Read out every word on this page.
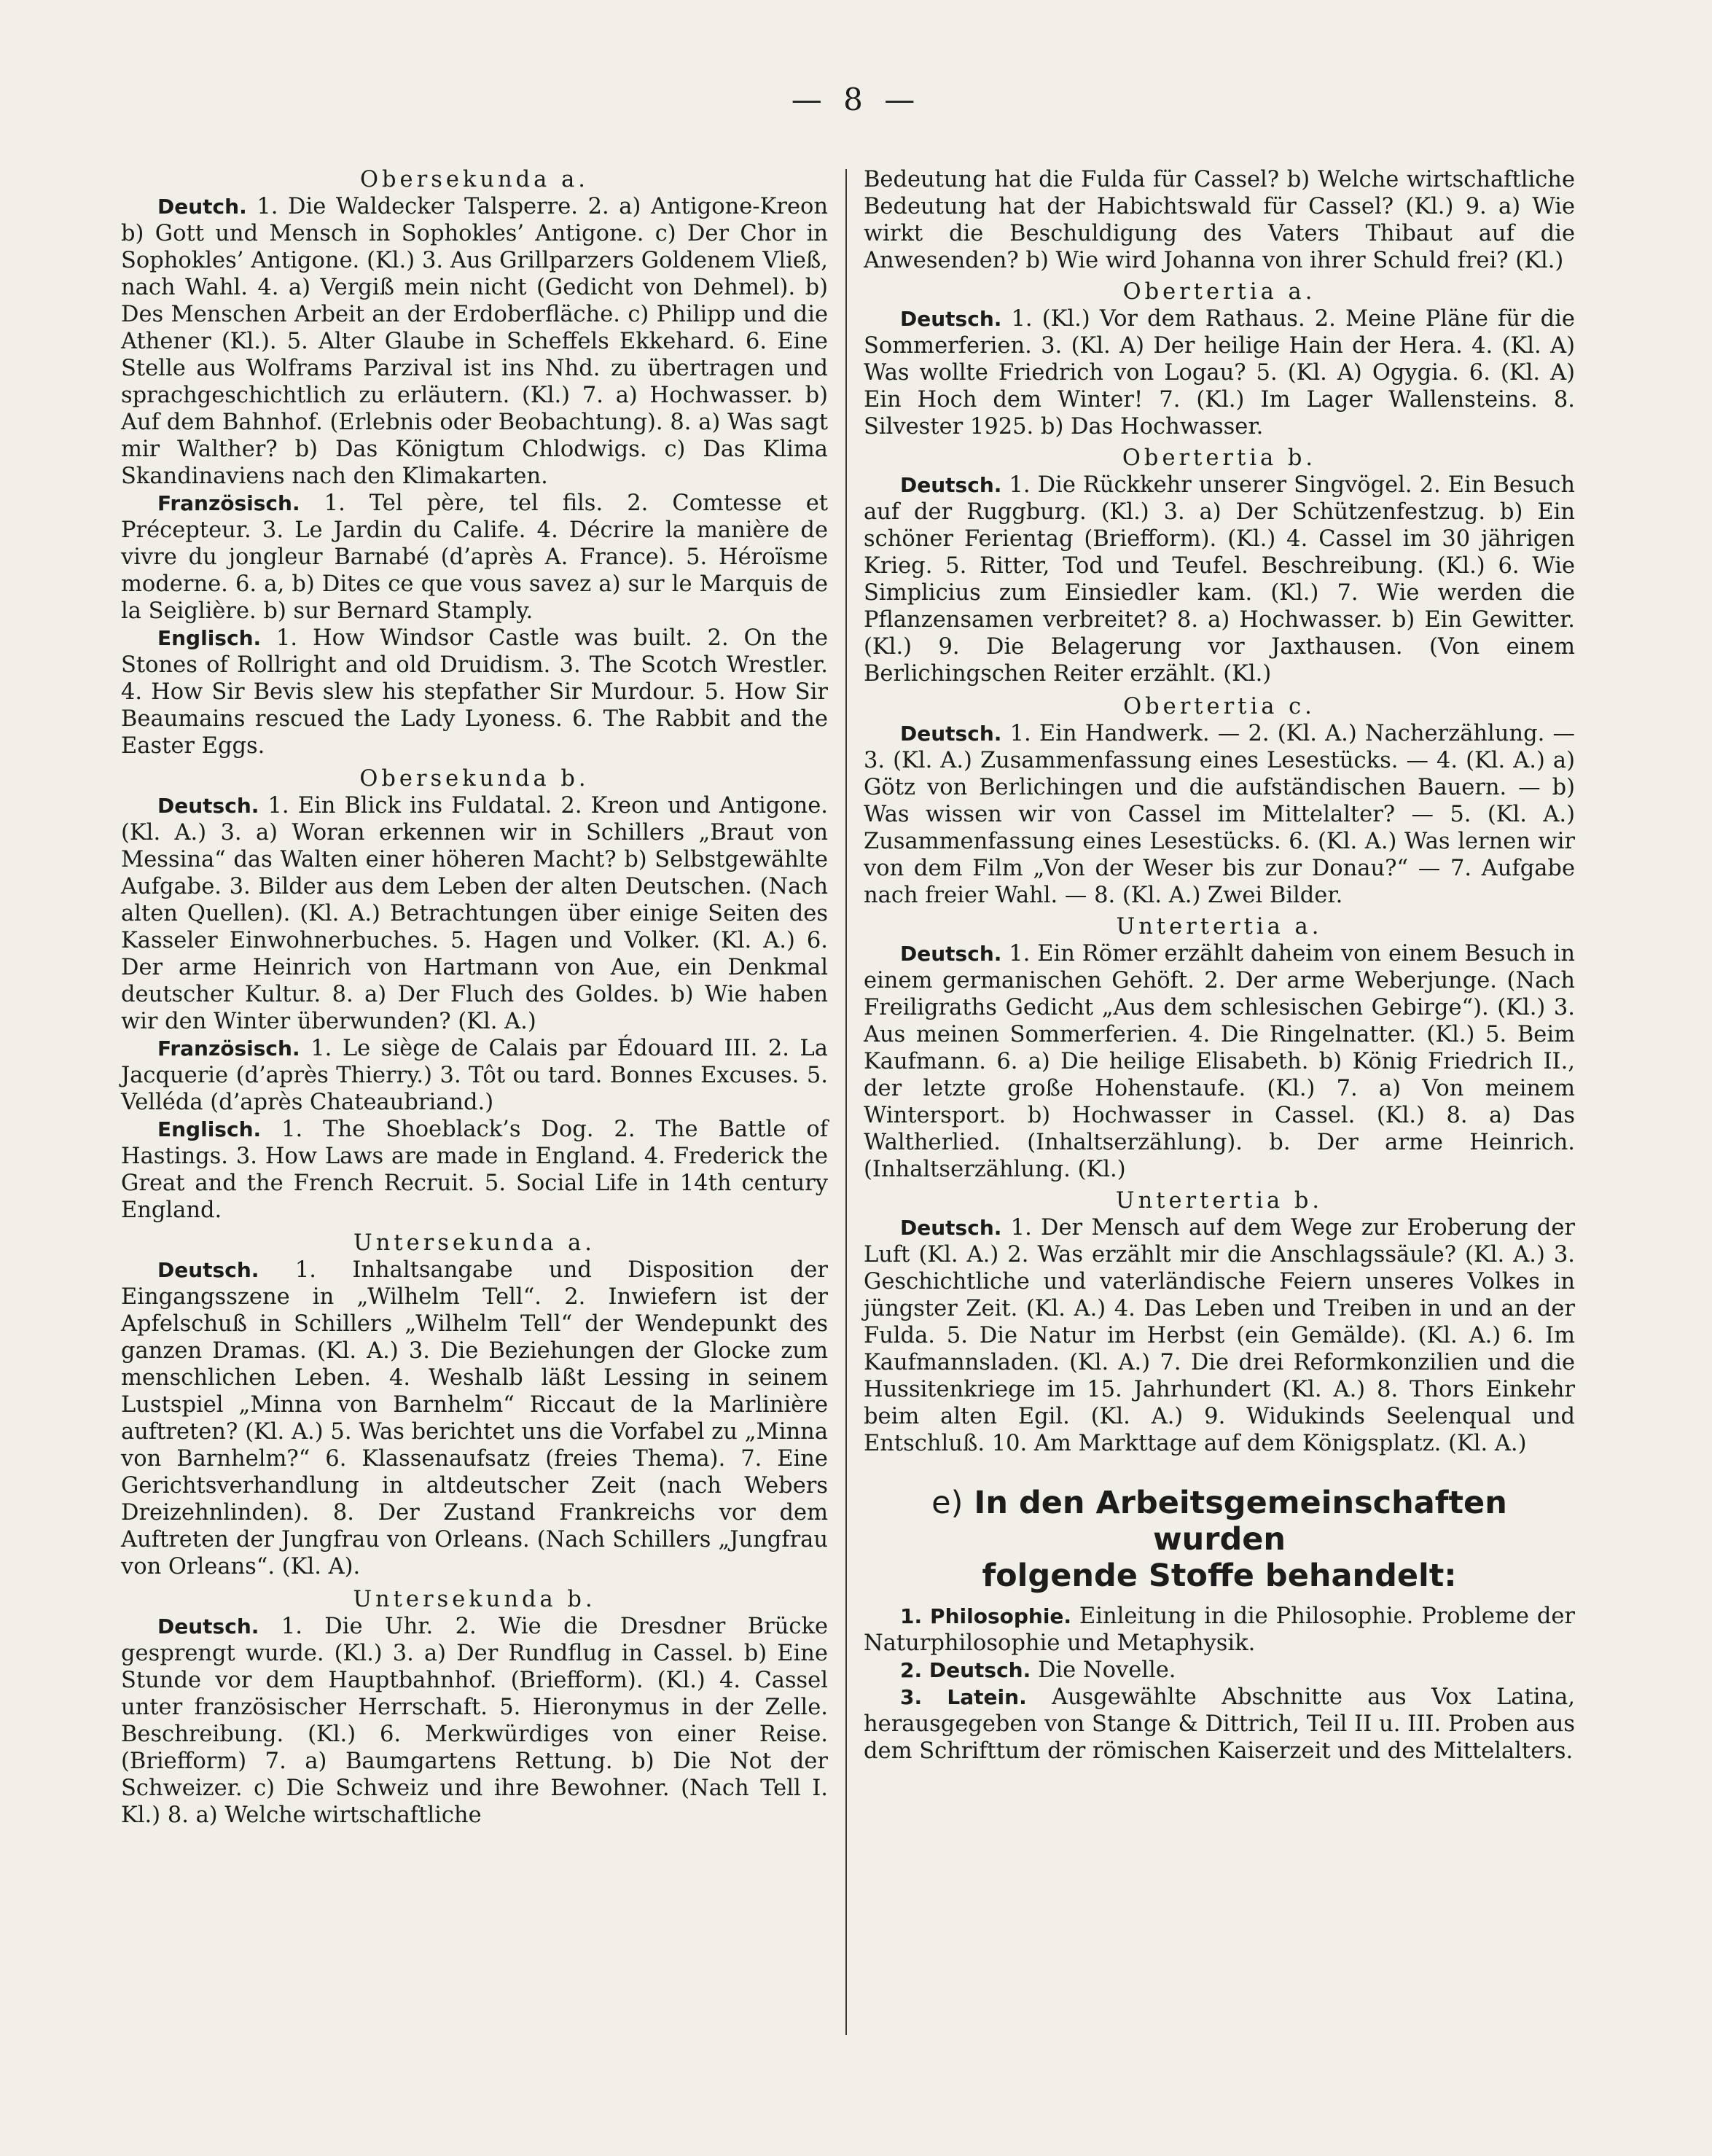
— 8 —

Obersekunda a.

Deutch. 1. Die Waldecker Talsperre. 2. a) Antigone-Kreon b) Gott und Mensch in Sophokles’ Antigone. c) Der Chor in Sophokles’ Antigone. (Kl.) 3. Aus Grillparzers Goldenem Vließ, nach Wahl. 4. a) Vergiß mein nicht (Gedicht von Dehmel). b) Des Menschen Arbeit an der Erdoberfläche. c) Philipp und die Athener (Kl.). 5. Alter Glaube in Scheffels Ekkehard. 6. Eine Stelle aus Wolframs Parzival ist ins Nhd. zu übertragen und sprachgeschichtlich zu erläutern. (Kl.) 7. a) Hochwasser. b) Auf dem Bahnhof. (Erlebnis oder Beobachtung). 8. a) Was sagt mir Walther? b) Das Königtum Chlodwigs. c) Das Klima Skandinaviens nach den Klimakarten.

Französisch. 1. Tel père, tel fils. 2. Comtesse et Précepteur. 3. Le Jardin du Calife. 4. Décrire la manière de vivre du jongleur Barnabé (d’après A. France). 5. Héroïsme moderne. 6. a, b) Dites ce que vous savez a) sur le Marquis de la Seiglière. b) sur Bernard Stamply.

Englisch. 1. How Windsor Castle was built. 2. On the Stones of Rollright and old Druidism. 3. The Scotch Wrestler. 4. How Sir Bevis slew his stepfather Sir Murdour. 5. How Sir Beaumains rescued the Lady Lyoness. 6. The Rabbit and the Easter Eggs.

Obersekunda b.

Deutsch. 1. Ein Blick ins Fuldatal. 2. Kreon und Antigone. (Kl. A.) 3. a) Woran erkennen wir in Schillers „Braut von Messina“ das Walten einer höheren Macht? b) Selbstgewählte Aufgabe. 3. Bilder aus dem Leben der alten Deutschen. (Nach alten Quellen). (Kl. A.) Betrachtungen über einige Seiten des Kasseler Einwohnerbuches. 5. Hagen und Volker. (Kl. A.) 6. Der arme Heinrich von Hartmann von Aue, ein Denkmal deutscher Kultur. 8. a) Der Fluch des Goldes. b) Wie haben wir den Winter überwunden? (Kl. A.)

Französisch. 1. Le siège de Calais par Édouard III. 2. La Jacquerie (d’après Thierry.) 3. Tôt ou tard. Bonnes Excuses. 5. Velléda (d’après Chateaubriand.)

Englisch. 1. The Shoeblack’s Dog. 2. The Battle of Hastings. 3. How Laws are made in England. 4. Frederick the Great and the French Recruit. 5. Social Life in 14th century England.

Untersekunda a.

Deutsch. 1. Inhaltsangabe und Disposition der Eingangsszene in „Wilhelm Tell“. 2. Inwiefern ist der Apfelschuß in Schillers „Wilhelm Tell“ der Wendepunkt des ganzen Dramas. (Kl. A.) 3. Die Beziehungen der Glocke zum menschlichen Leben. 4. Weshalb läßt Lessing in seinem Lustspiel „Minna von Barnhelm“ Riccaut de la Marlinière auftreten? (Kl. A.) 5. Was berichtet uns die Vorfabel zu „Minna von Barnhelm?“ 6. Klassenaufsatz (freies Thema). 7. Eine Gerichtsverhandlung in altdeutscher Zeit (nach Webers Dreizehnlinden). 8. Der Zustand Frankreichs vor dem Auftreten der Jungfrau von Orleans. (Nach Schillers „Jungfrau von Orleans“. (Kl. A).

Untersekunda b.

Deutsch. 1. Die Uhr. 2. Wie die Dresdner Brücke gesprengt wurde. (Kl.) 3. a) Der Rundflug in Cassel. b) Eine Stunde vor dem Hauptbahnhof. (Briefform). (Kl.) 4. Cassel unter französischer Herrschaft. 5. Hieronymus in der Zelle. Beschreibung. (Kl.) 6. Merkwürdiges von einer Reise. (Briefform) 7. a) Baumgartens Rettung. b) Die Not der Schweizer. c) Die Schweiz und ihre Bewohner. (Nach Tell I. Kl.) 8. a) Welche wirtschaftliche

Bedeutung hat die Fulda für Cassel? b) Welche wirtschaftliche Bedeutung hat der Habichtswald für Cassel? (Kl.) 9. a) Wie wirkt die Beschuldigung des Vaters Thibaut auf die Anwesenden? b) Wie wird Johanna von ihrer Schuld frei? (Kl.)

Obertertia a.

Deutsch. 1. (Kl.) Vor dem Rathaus. 2. Meine Pläne für die Sommerferien. 3. (Kl. A) Der heilige Hain der Hera. 4. (Kl. A) Was wollte Friedrich von Logau? 5. (Kl. A) Ogygia. 6. (Kl. A) Ein Hoch dem Winter! 7. (Kl.) Im Lager Wallensteins. 8. Silvester 1925. b) Das Hochwasser.

Obertertia b.

Deutsch. 1. Die Rückkehr unserer Singvögel. 2. Ein Besuch auf der Ruggburg. (Kl.) 3. a) Der Schützenfestzug. b) Ein schöner Ferientag (Briefform). (Kl.) 4. Cassel im 30 jährigen Krieg. 5. Ritter, Tod und Teufel. Beschreibung. (Kl.) 6. Wie Simplicius zum Einsiedler kam. (Kl.) 7. Wie werden die Pflanzensamen verbreitet? 8. a) Hochwasser. b) Ein Gewitter. (Kl.) 9. Die Belagerung vor Jaxthausen. (Von einem Berlichingschen Reiter erzählt. (Kl.)

Obertertia c.

Deutsch. 1. Ein Handwerk. — 2. (Kl. A.) Nacherzählung. — 3. (Kl. A.) Zusammenfassung eines Lesestücks. — 4. (Kl. A.) a) Götz von Berlichingen und die aufständischen Bauern. — b) Was wissen wir von Cassel im Mittelalter? — 5. (Kl. A.) Zusammenfassung eines Lesestücks. 6. (Kl. A.) Was lernen wir von dem Film „Von der Weser bis zur Donau?“ — 7. Aufgabe nach freier Wahl. — 8. (Kl. A.) Zwei Bilder.

Untertertia a.

Deutsch. 1. Ein Römer erzählt daheim von einem Besuch in einem germanischen Gehöft. 2. Der arme Weberjunge. (Nach Freiligraths Gedicht „Aus dem schlesischen Gebirge“). (Kl.) 3. Aus meinen Sommerferien. 4. Die Ringelnatter. (Kl.) 5. Beim Kaufmann. 6. a) Die heilige Elisabeth. b) König Friedrich II., der letzte große Hohenstaufe. (Kl.) 7. a) Von meinem Wintersport. b) Hochwasser in Cassel. (Kl.) 8. a) Das Waltherlied. (Inhaltserzählung). b. Der arme Heinrich. (Inhaltserzählung. (Kl.)

Untertertia b.

Deutsch. 1. Der Mensch auf dem Wege zur Eroberung der Luft (Kl. A.) 2. Was erzählt mir die Anschlagssäule? (Kl. A.) 3. Geschichtliche und vaterländische Feiern unseres Volkes in jüngster Zeit. (Kl. A.) 4. Das Leben und Treiben in und an der Fulda. 5. Die Natur im Herbst (ein Gemälde). (Kl. A.) 6. Im Kaufmannsladen. (Kl. A.) 7. Die drei Reformkonzilien und die Hussitenkriege im 15. Jahrhundert (Kl. A.) 8. Thors Einkehr beim alten Egil. (Kl. A.) 9. Widukinds Seelenqual und Entschluß. 10. Am Markttage auf dem Königsplatz. (Kl. A.)

e) In den Arbeitsgemeinschaften wurden
folgende Stoffe behandelt:

1. Philosophie. Einleitung in die Philosophie. Probleme der Naturphilosophie und Metaphysik.

2. Deutsch. Die Novelle.

3. Latein. Ausgewählte Abschnitte aus Vox Latina, herausgegeben von Stange & Dittrich, Teil II u. III. Proben aus dem Schrifttum der römischen Kaiserzeit und des Mittelalters.
